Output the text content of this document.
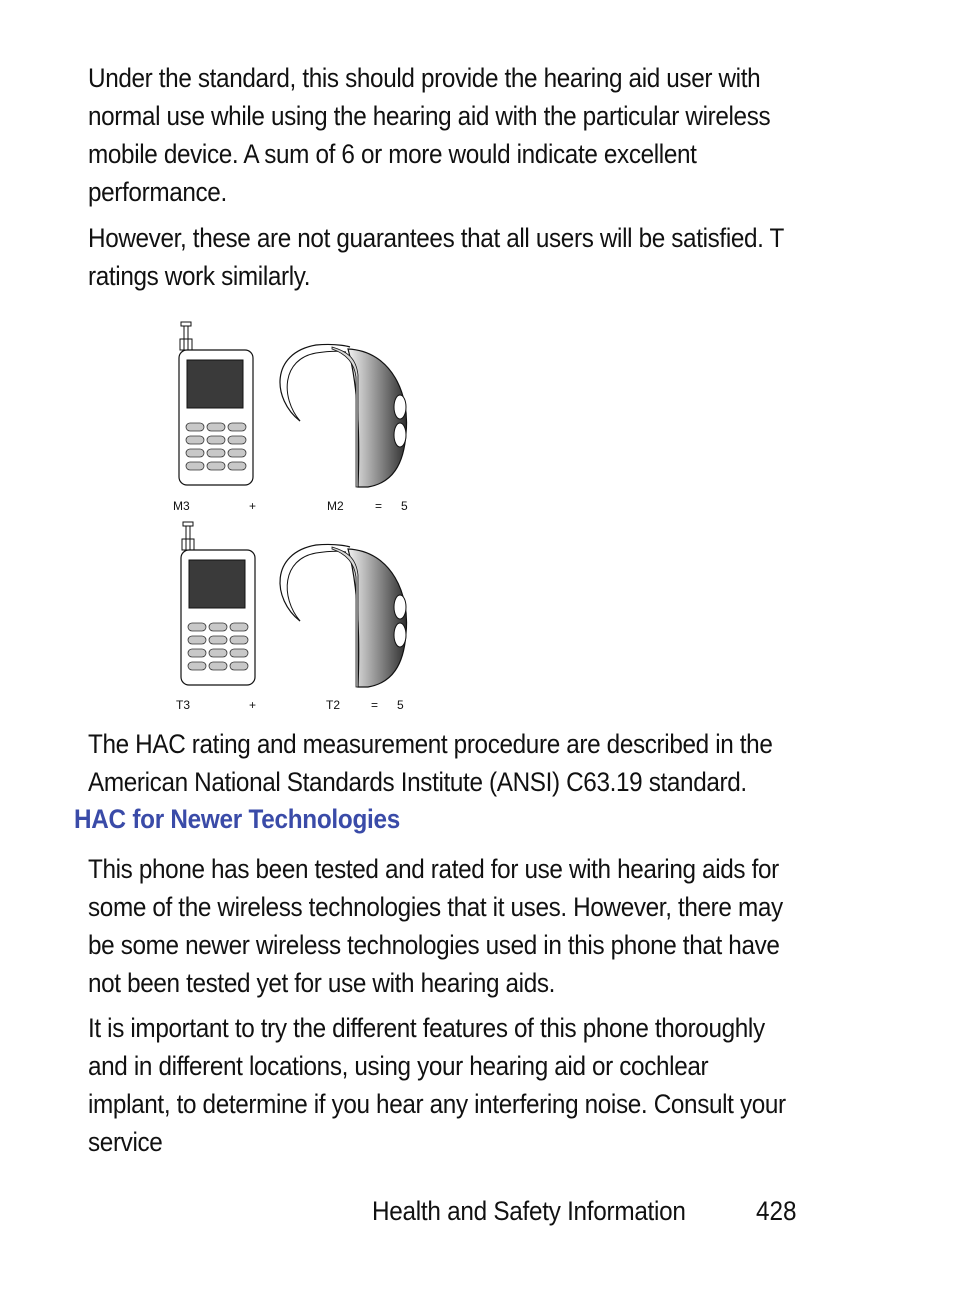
Under the standard, this should provide the hearing aid user with normal use while using the hearing aid with the particular wireless mobile device. A sum of 6 or more would indicate excellent performance.

However, these are not guarantees that all users will be satisfied. T ratings work similarly.

M3	+	M2	= 5
T3	+	T2	= 5

The HAC rating and measurement procedure are described in the American National Standards Institute (ANSI) C63.19 standard.

HAC for Newer Technologies

This phone has been tested and rated for use with hearing aids for some of the wireless technologies that it uses. However, there may be some newer wireless technologies used in this phone that have not been tested yet for use with hearing aids.

It is important to try the different features of this phone thoroughly and in different locations, using your hearing aid or cochlear implant, to determine if you hear any interfering noise. Consult your service

Health and Safety Information	428
